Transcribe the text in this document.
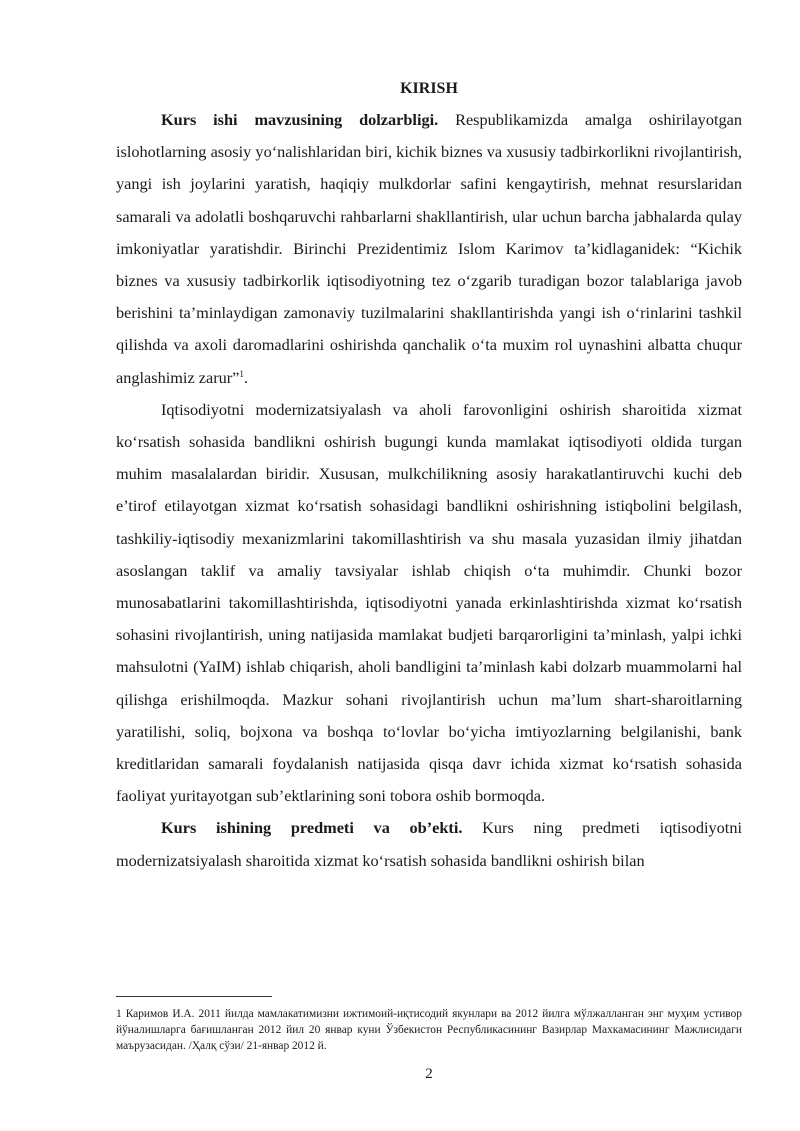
KIRISH

Kurs ishi mavzusining dolzarbligi. Respublikamizda amalga oshirilayotgan islohotlarning asosiy yo‘nalishlaridan biri, kichik biznes va xususiy tadbirkorlikni rivojlantirish, yangi ish joylarini yaratish, haqiqiy mulkdorlar safini kengaytirish, mehnat resurslaridan samarali va adolatli boshqaruvchi rahbarlarni shakllantirish, ular uchun barcha jabhalarda qulay imkoniyatlar yaratishdir. Birinchi Prezidentimiz Islom Karimov ta’kidlaganidek: “Kichik biznes va xususiy tadbirkorlik iqtisodiyotning tez o‘zgarib turadigan bozor talablariga javob berishini ta’minlaydigan zamonaviy tuzilmalarini shakllantirishda yangi ish o‘rinlarini tashkil qilishda va axoli daromadlarini oshirishda qanchalik o‘ta muxim rol uynashini albatta chuqur anglashimiz zarur”$^1$.

Iqtisodiyotni modernizatsiyalash va aholi farovonligini oshirish sharoitida xizmat ko‘rsatish sohasida bandlikni oshirish bugungi kunda mamlakat iqtisodiyoti oldida turgan muhim masalalardan biridir. Xususan, mulkchilikning asosiy harakatlantiruvchi kuchi deb e’tirof etilayotgan xizmat ko‘rsatish sohasidagi bandlikni oshirishning istiqbolini belgilash, tashkiliy-iqtisodiy mexanizmlarini takomillashtirish va shu masala yuzasidan ilmiy jihatdan asoslangan taklif va amaliy tavsiyalar ishlab chiqish o‘ta muhimdir. Chunki bozor munosabatlarini takomillashtirishda, iqtisodiyotni yanada erkinlashtirishda xizmat ko‘rsatish sohasini rivojlantirish, uning natijasida mamlakat budjeti barqarorligini ta’minlash, yalpi ichki mahsulotni (YaIM) ishlab chiqarish, aholi bandligini ta’minlash kabi dolzarb muammolarni hal qilishga erishilmoqda. Mazkur sohani rivojlantirish uchun ma’lum shart-sharoitlarning yaratilishi, soliq, bojxona va boshqa to‘lovlar bo‘yicha imtiyozlarning belgilanishi, bank kreditlaridan samarali foydalanish natijasida qisqa davr ichida xizmat ko‘rsatish sohasida faoliyat yuritayotgan sub’ektlarining soni tobora oshib bormoqda.

Kurs ishining predmeti va ob’ekti. Kurs ning predmeti iqtisodiyotni modernizatsiyalash sharoitida xizmat ko‘rsatish sohasida bandlikni oshirish bilan

1 Каримов И.А. 2011 йилда мамлакатимизни ижтимоий-иқтисодий якунлари ва 2012 йилга мўлжалланган энг муҳим устивор йўналишларга бағишланган 2012 йил 20 январ куни Ўзбекистон Республикасининг Вазирлар Махкамасининг Мажлисидаги маърузасидан. /Ҳалқ сўзи/ 21-январ 2012 й.
2
